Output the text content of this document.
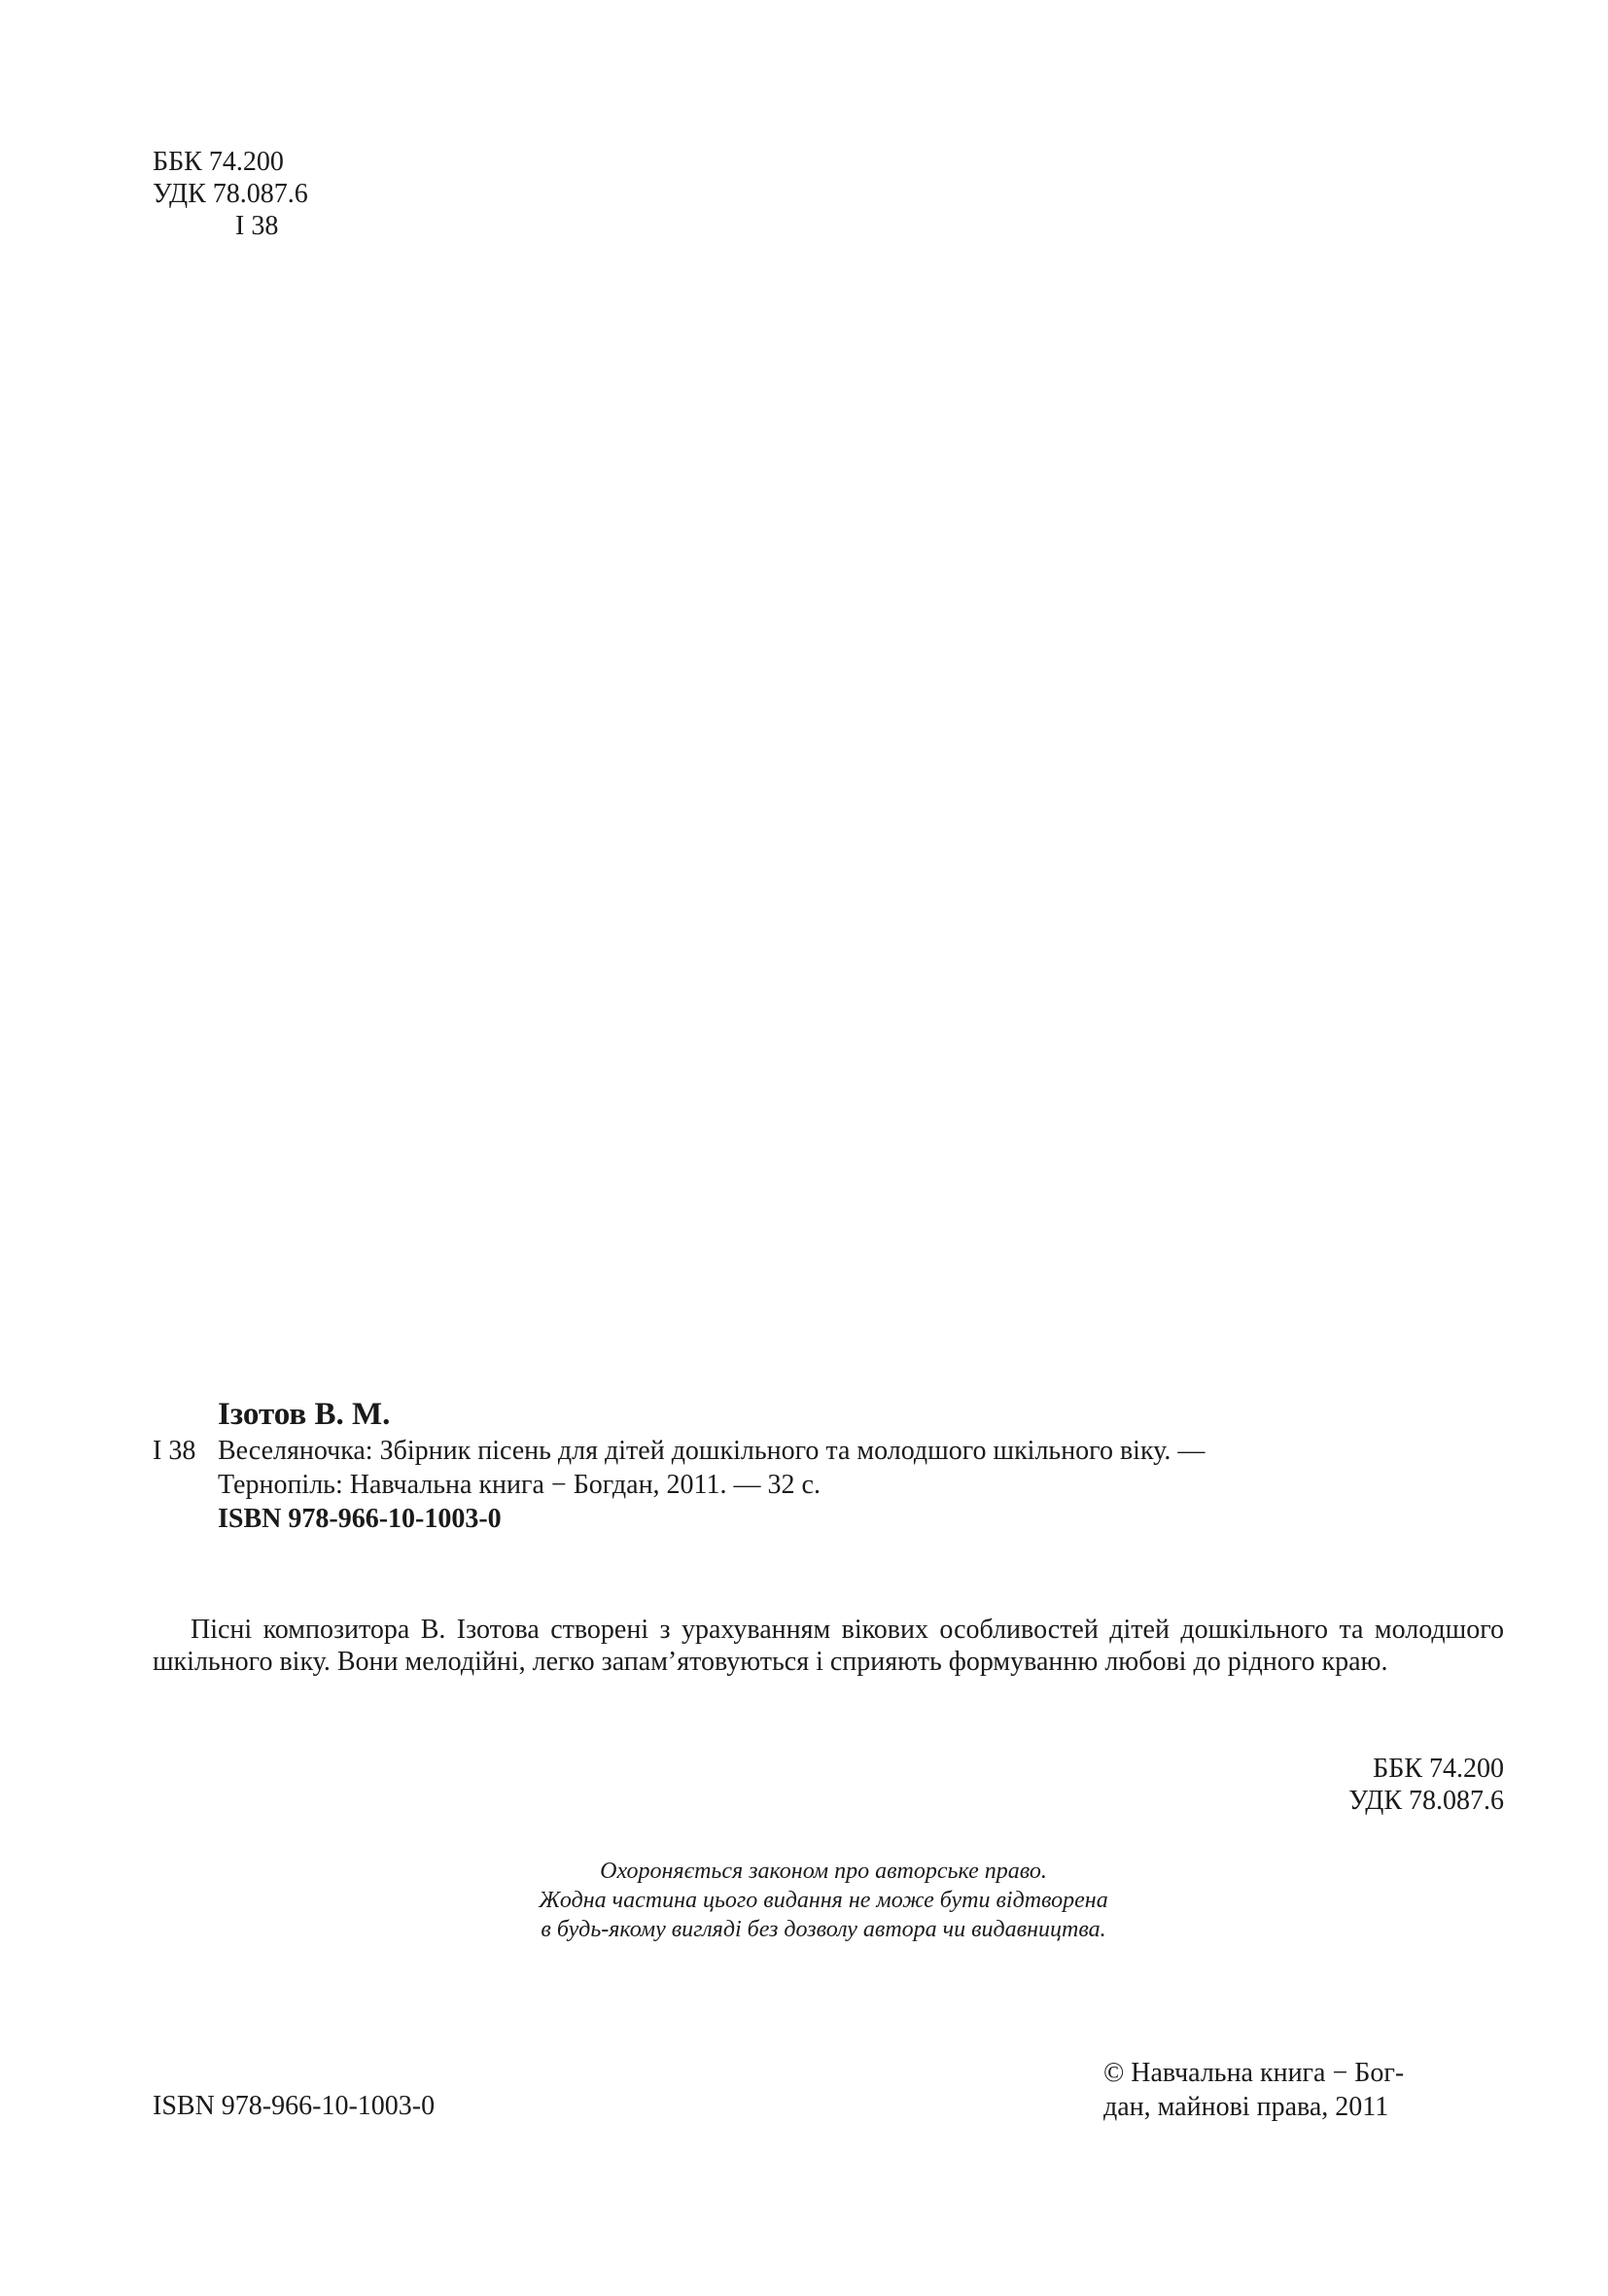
ББК 74.200
УДК 78.087.6
І 38
Ізотов В. М.
І 38 Веселяночка: Збірник пісень для дітей дошкільного та молодшого шкільного віку. —
Тернопіль: Навчальна книга − Богдан, 2011. — 32 с.
ISBN 978-966-10-1003-0

Пісні композитора В. Ізотова створені з урахуванням вікових особливостей дітей дошкільного та молодшого шкільного віку. Вони мелодійні, легко запам’ятовуються і сприяють формуванню любові до рідного краю.

ББК 74.200
УДК 78.087.6
Охороняється законом про авторське право.
Жодна частина цього видання не може бути відтворена
в будь-якому вигляді без дозволу автора чи видавництва.
ISBN 978-966-10-1003-0
© Навчальна книга − Бог-
дан, майнові права, 2011
